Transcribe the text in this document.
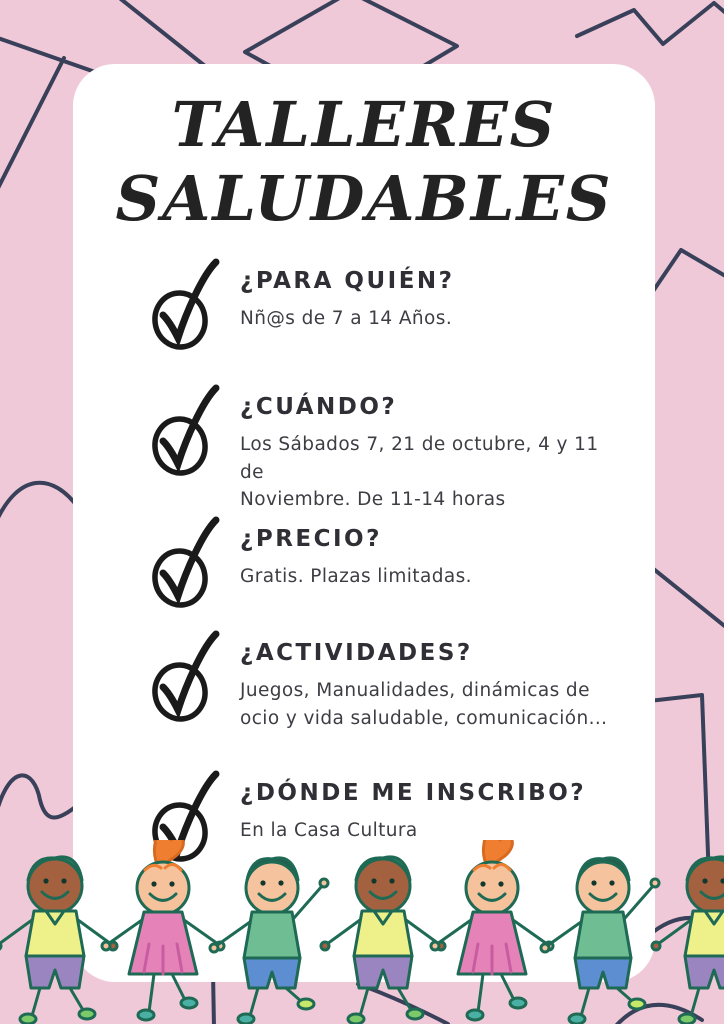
TALLERES
SALUDABLES
¿PARA QUIÉN?
Nñ@s de 7 a 14 Años.
¿CUÁNDO?
Los Sábados 7, 21 de octubre, 4 y 11 de
Noviembre. De 11-14 horas
¿PRECIO?
Gratis. Plazas limitadas.
¿ACTIVIDADES?
Juegos, Manualidades, dinámicas de
ocio y vida saludable, comunicación...
¿DÓNDE ME INSCRIBO?
En la Casa Cultura
